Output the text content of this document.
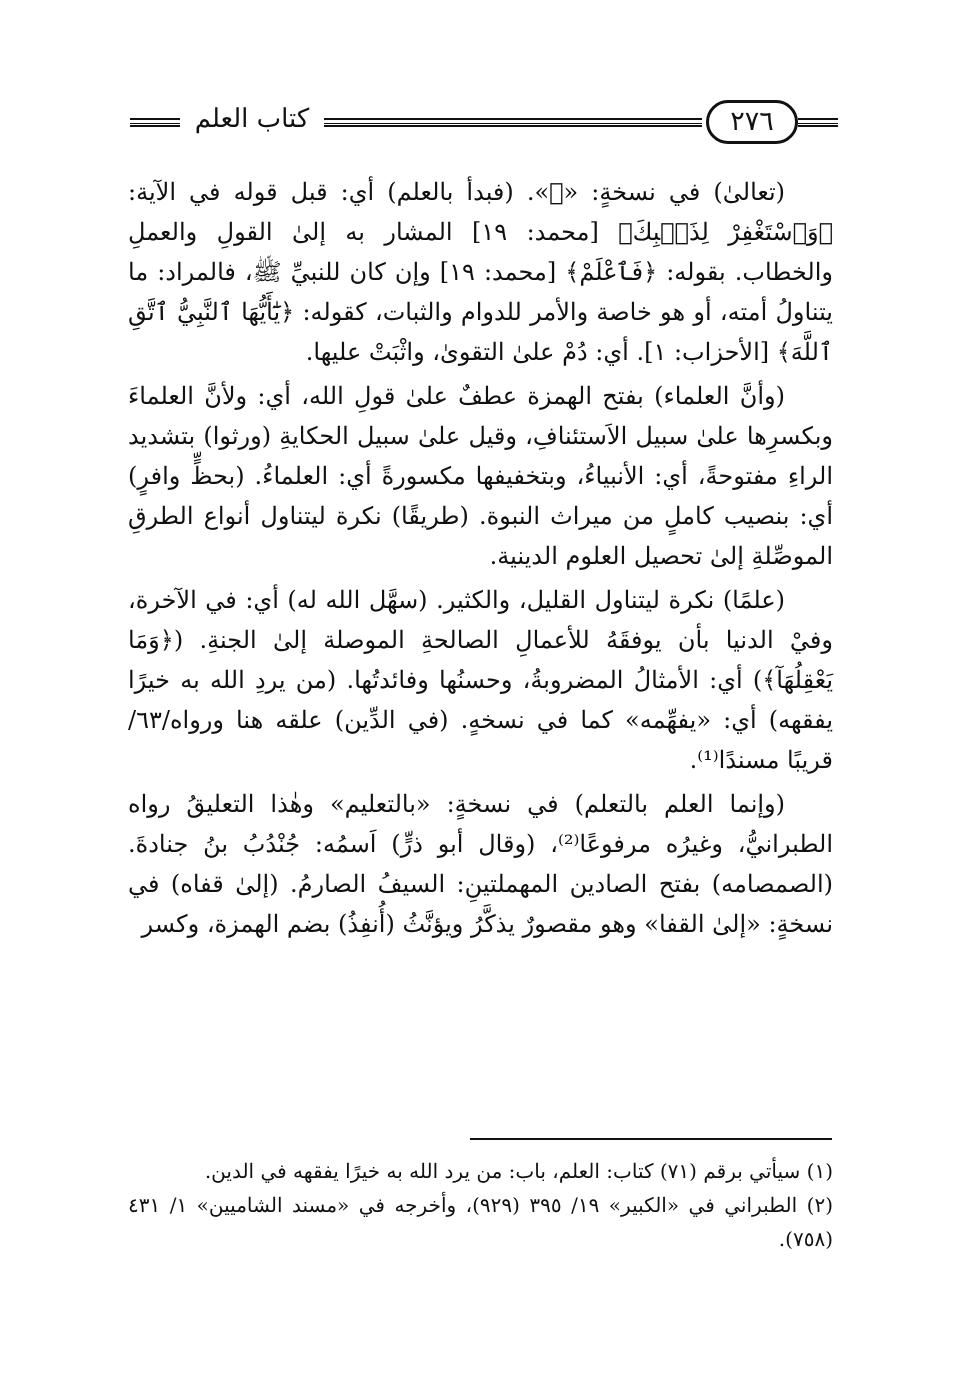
كتاب العلم	٢٧٦

(تعالىٰ) في نسخةٍ: «ﷻ». (فبدأ بالعلم) أي: قبل قوله في الآية: ﴿وَٱسْتَغْفِرْ لِذَنۢبِكَ﴾ [محمد: ١٩] المشار به إلىٰ القولِ والعملِ والخطاب. بقوله: ﴿فَٱعْلَمْ﴾ [محمد: ١٩] وإن كان للنبيِّ ﷺ، فالمراد: ما يتناولُ أمته، أو هو خاصة والأمر للدوام والثبات، كقوله: ﴿يَٰٓأَيُّهَا ٱلنَّبِيُّ ٱتَّقِ ٱللَّهَ﴾ [الأحزاب: ١]. أي: دُمْ علىٰ التقوىٰ، واثْبَتْ عليها.

(وأنَّ العلماء) بفتح الهمزة عطفٌ علىٰ قولِ الله، أي: ولأنَّ العلماءَ وبكسرِها علىٰ سبيل الاَستئنافِ، وقيل علىٰ سبيل الحكايةِ (ورثوا) بتشديد الراءِ مفتوحةً، أي: الأنبياءُ، وبتخفيفها مكسورةً أي: العلماءُ. (بحظٍّ وافرٍ) أي: بنصيب كاملٍ من ميراث النبوة. (طريقًا) نكرة ليتناول أنواع الطرقِ الموصِّلةِ إلىٰ تحصيل العلوم الدينية.

(علمًا) نكرة ليتناول القليل، والكثير. (سهَّل الله له) أي: في الآخرة، وفيْ الدنيا بأن يوفقَهُ للأعمالِ الصالحةِ الموصلة إلىٰ الجنةِ. (﴿وَمَا يَعْقِلُهَآ﴾) أي: الأمثالُ المضروبةُ، وحسنُها وفائدتُها. (من يردِ الله به خيرًا يفقهه) أي: «يفهِّمه» كما في نسخهٍ. (في الدِّين) علقه هنا ورواه/٦٣/ قريبًا مسندًا⁽¹⁾.

(وإنما العلم بالتعلم) في نسخةٍ: «بالتعليم» وهٰذا التعليقُ رواه الطبرانيُّ، وغيرُه مرفوعًا⁽²⁾، (وقال أبو ذرٍّ) اَسمُه: جُنْدُبُ بنُ جنادةَ. (الصمصامه) بفتح الصادين المهملتينِ: السيفُ الصارمُ. (إلىٰ قفاه) في نسخةٍ: «إلىٰ القفا» وهو مقصورٌ يذكَّرُ ويؤنَّثُ (أُنفِذُ) بضم الهمزة، وكسر

(١) سيأتي برقم (٧١) كتاب: العلم، باب: من يرد الله به خيرًا يفقهه في الدين.

(٢) الطبراني في «الكبير» ١٩/ ٣٩٥ (٩٢٩)، وأخرجه في «مسند الشاميين» ١/ ٤٣١ (٧٥٨).
